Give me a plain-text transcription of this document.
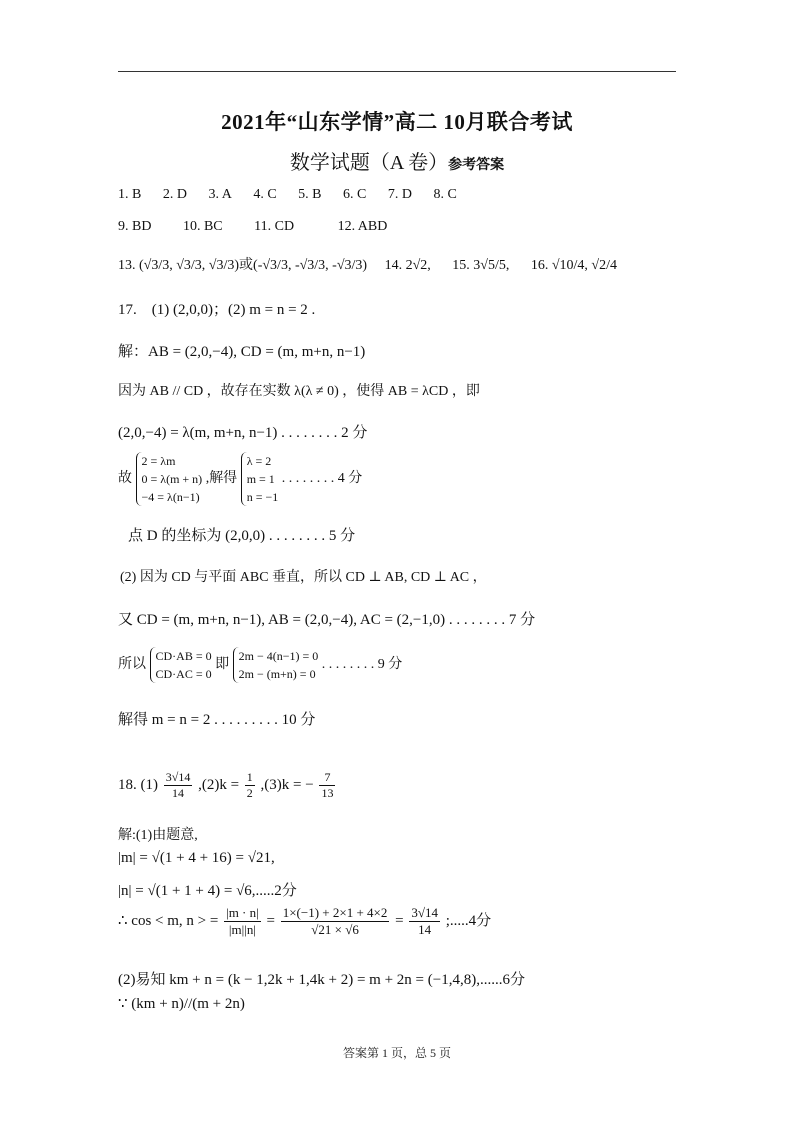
2021年“山东学情”高二 10月联合考试
数学试题（A 卷）参考答案
1. B 2. D 3. A 4. C 5. B 6. C 7. D 8. C
9. BD 10. BC 11. CD	12. ABD
13. (√3/3, √3/3, √3/3)或(-√3/3, -√3/3, -√3/3) 14. 2√2, 15. 3√5/5, 16. √10/4, √2/4
17.　(1) (2,0,0)；(2) m = n = 2 .
解：AB = (2,0,−4), CD = (m, m+n, n−1)
因为 AB // CD ，故存在实数 λ(λ ≠ 0) ，使得 AB = λCD ，即
(2,0,−4) = λ(m, m+n, n−1) . . . . . . . . 2 分
故
2 = λm
0 = λ(m + n)
−4 = λ(n−1)
,解得
λ = 2
m = 1
n = −1
. . . . . . . . 4 分
点 D 的坐标为 (2,0,0) . . . . . . . . 5 分
(2) 因为 CD 与平面 ABC 垂直，所以 CD ⊥ AB, CD ⊥ AC ，
又 CD = (m, m+n, n−1), AB = (2,0,−4), AC = (2,−1,0) . . . . . . . . 7 分
所以
CD·AB = 0
CD·AC = 0
即
2m − 4(n−1) = 0
2m − (m+n) = 0
. . . . . . . . 9 分
解得 m = n = 2 . . . . . . . . . 10 分
18. $(1) \frac{3√14}{14} ,(2)k = \frac{1}{2} ,(3)k$ = − $\frac{7}{13}$
解:(1)由题意,
|m| = √(1 + 4 + 16) = √21,
|n| = √(1 + 1 + 4) = √6,.....2分
∴ cos < m, n > = $\frac{|m \cdot n|}{|m||n|} = \frac{1\times(-1) + 2\times 1 + 4\times 2}{√21 \times √6} = \frac{3√14}{14}$ ;.....4分
(2)易知 km + n = (k − 1,2k + 1,4k + 2) = m + 2n = (−1,4,8),......6分
∵ (km + n)//(m + 2n)
答案第 1 页，总 5 页
